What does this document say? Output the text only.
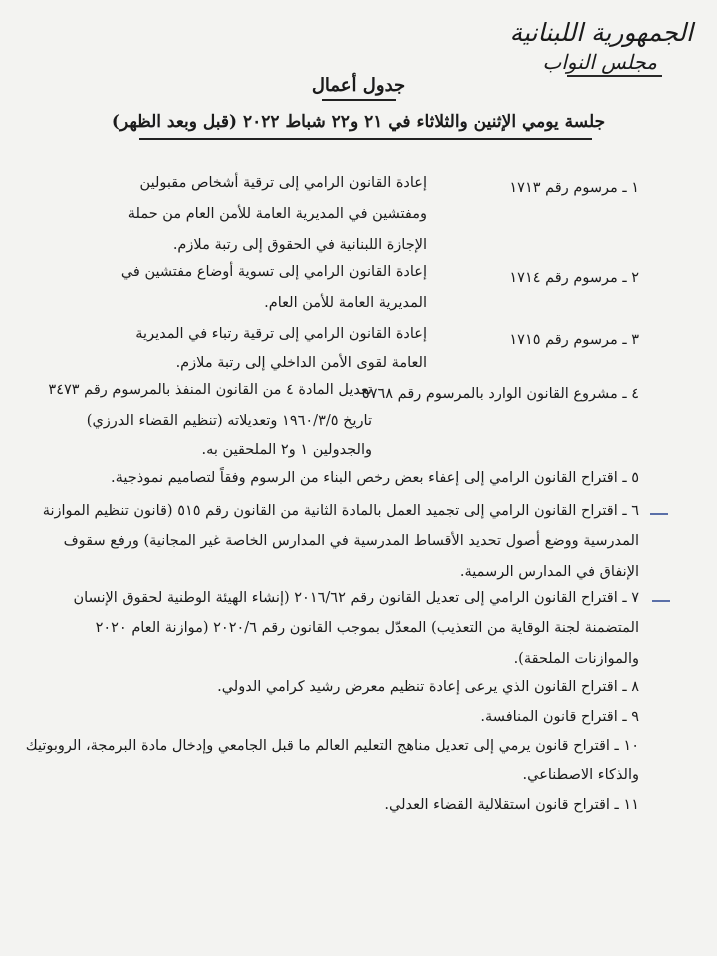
الجمهورية اللبنانية
مجلس النواب
جدول أعمال
جلسة يومي الإثنين والثلاثاء في ٢١ و٢٢ شباط ٢٠٢٢ (قبل وبعد الظهر)
١ ـ مرسوم رقم ١٧١٣
إعادة القانون الرامي إلى ترقية أشخاص مقبولين
ومفتشين في المديرية العامة للأمن العام من حملة
الإجازة اللبنانية في الحقوق إلى رتبة ملازم.
٢ ـ مرسوم رقم ١٧١٤
إعادة القانون الرامي إلى تسوية أوضاع مفتشين في
المديرية العامة للأمن العام.
٣ ـ مرسوم رقم ١٧١٥
إعادة القانون الرامي إلى ترقية رتباء في المديرية
العامة لقوى الأمن الداخلي إلى رتبة ملازم.
٤ ـ مشروع القانون الوارد بالمرسوم رقم ٥٧٦٨
تعديل المادة ٤ من القانون المنفذ بالمرسوم رقم ٣٤٧٣
تاريخ ١٩٦٠/٣/٥ وتعديلاته (تنظيم القضاء الدرزي)
والجدولين ١ و٢ الملحقين به.
٥ ـ اقتراح القانون الرامي إلى إعفاء بعض رخص البناء من الرسوم وفقاً لتصاميم نموذجية.
٦ ـ اقتراح القانون الرامي إلى تجميد العمل بالمادة الثانية من القانون رقم ٥١٥ (قانون تنظيم الموازنة
المدرسية ووضع أصول تحديد الأقساط المدرسية في المدارس الخاصة غير المجانية) ورفع سقوف
الإنفاق في المدارس الرسمية.
٧ ـ اقتراح القانون الرامي إلى تعديل القانون رقم ٢٠١٦/٦٢ (إنشاء الهيئة الوطنية لحقوق الإنسان
المتضمنة لجنة الوقاية من التعذيب) المعدّل بموجب القانون رقم ٢٠٢٠/٦ (موازنة العام ٢٠٢٠
والموازنات الملحقة).
٨ ـ اقتراح القانون الذي يرعى إعادة تنظيم معرض رشيد كرامي الدولي.
٩ ـ اقتراح قانون المنافسة.
١٠ ـ اقتراح قانون يرمي إلى تعديل مناهج التعليم العالم ما قبل الجامعي وإدخال مادة البرمجة، الروبوتيك
والذكاء الاصطناعي.
١١ ـ اقتراح قانون استقلالية القضاء العدلي.
